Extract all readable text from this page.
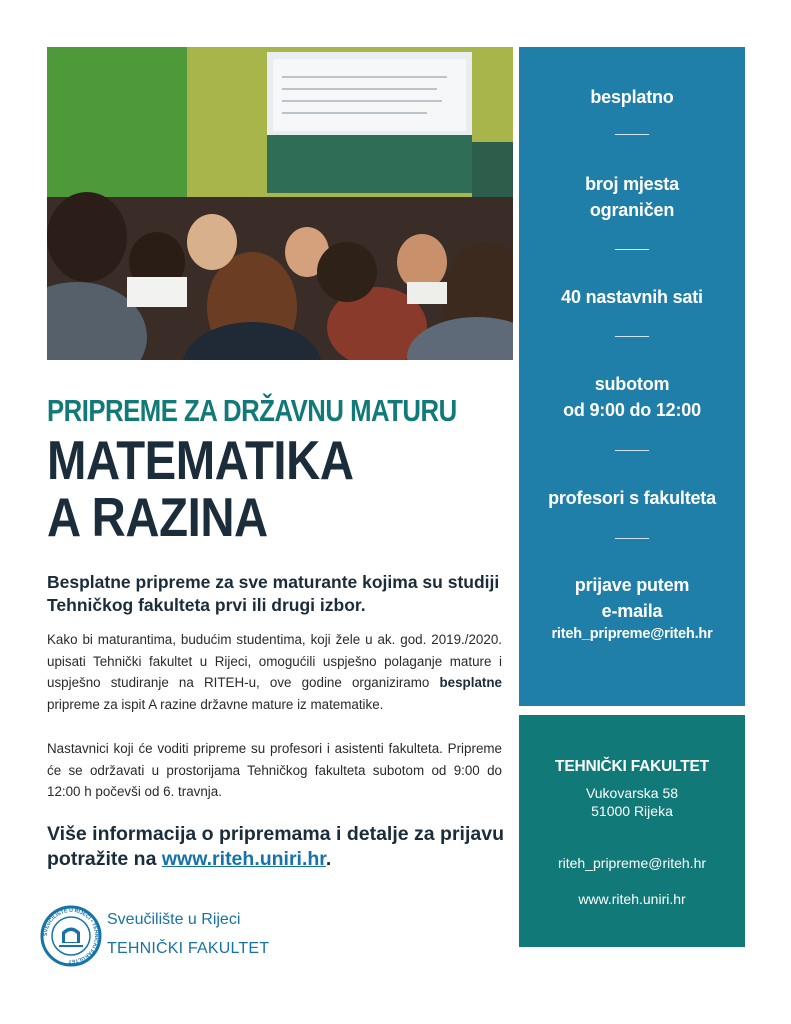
PRIPREME ZA DRŽAVNU MATURU
MATEMATIKA
A RAZINA
Besplatne pripreme za sve maturante kojima su studiji Tehničkog fakulteta prvi ili drugi izbor.

Kako bi maturantima, budućim studentima, koji žele u ak. god. 2019./2020. upisati Tehnički fakultet u Rijeci, omogućili uspješno polaganje mature i uspješno studiranje na RITEH-u, ove godine organiziramo besplatne pripreme za ispit A razine državne mature iz matematike.

Nastavnici koji će voditi pripreme su profesori i asistenti fakulteta. Pripreme će se održavati u prostorijama Tehničkog fakulteta subotom od 9:00 do 12:00 h počevši od 6. travnja.

Više informacija o pripremama i detalje za prijavu potražite na www.riteh.uniri.hr.
SVEUČILIŠTE U RIJECI • TEHNIČKI FAKULTET
Sveučilište u Rijeci
TEHNIČKI FAKULTET
besplatno
broj mjesta
ograničen
40 nastavnih sati
subotom
od 9:00 do 12:00
profesori s fakulteta
prijave putem
e-maila
riteh_pripreme@riteh.hr
TEHNIČKI FAKULTET
Vukovarska 58
51000 Rijeka
riteh_pripreme@riteh.hr
www.riteh.uniri.hr
